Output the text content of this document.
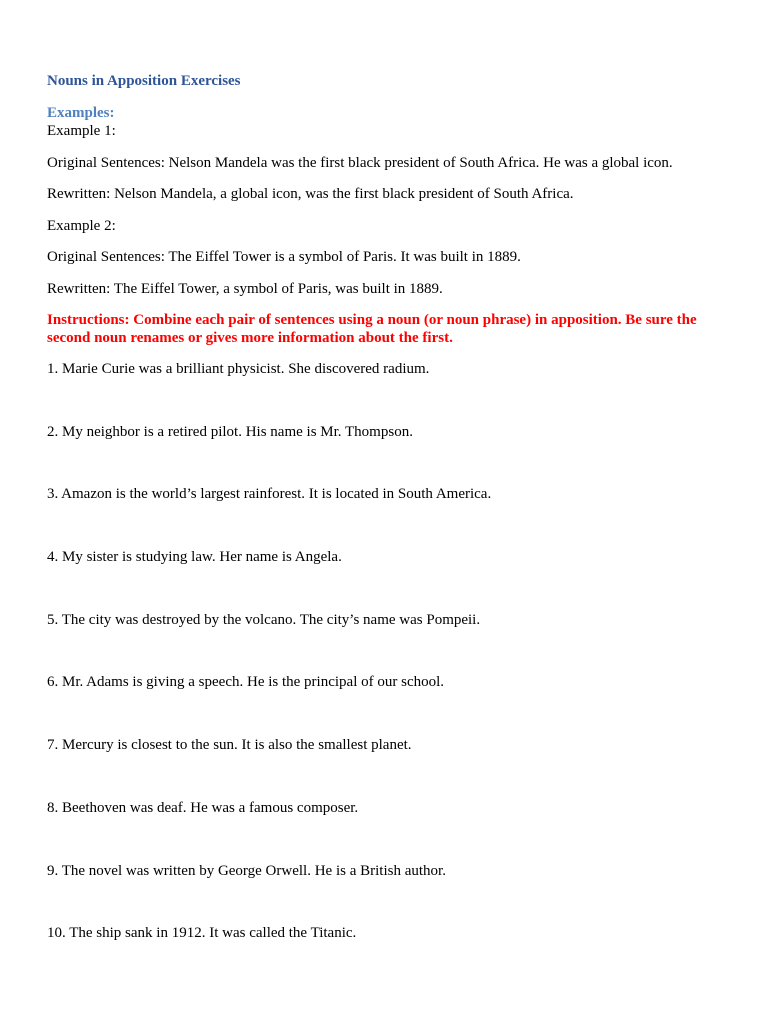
Nouns in Apposition Exercises

Examples:

Example 1:

Original Sentences: Nelson Mandela was the first black president of South Africa. He was a global icon.

Rewritten: Nelson Mandela, a global icon, was the first black president of South Africa.

Example 2:

Original Sentences: The Eiffel Tower is a symbol of Paris. It was built in 1889.

Rewritten: The Eiffel Tower, a symbol of Paris, was built in 1889.

Instructions: Combine each pair of sentences using a noun (or noun phrase) in apposition. Be sure the second noun renames or gives more information about the first.

1. Marie Curie was a brilliant physicist. She discovered radium.

2. My neighbor is a retired pilot. His name is Mr. Thompson.

3. Amazon is the world’s largest rainforest. It is located in South America.

4. My sister is studying law. Her name is Angela.

5. The city was destroyed by the volcano. The city’s name was Pompeii.

6. Mr. Adams is giving a speech. He is the principal of our school.

7. Mercury is closest to the sun. It is also the smallest planet.

8. Beethoven was deaf. He was a famous composer.

9. The novel was written by George Orwell. He is a British author.

10. The ship sank in 1912. It was called the Titanic.
